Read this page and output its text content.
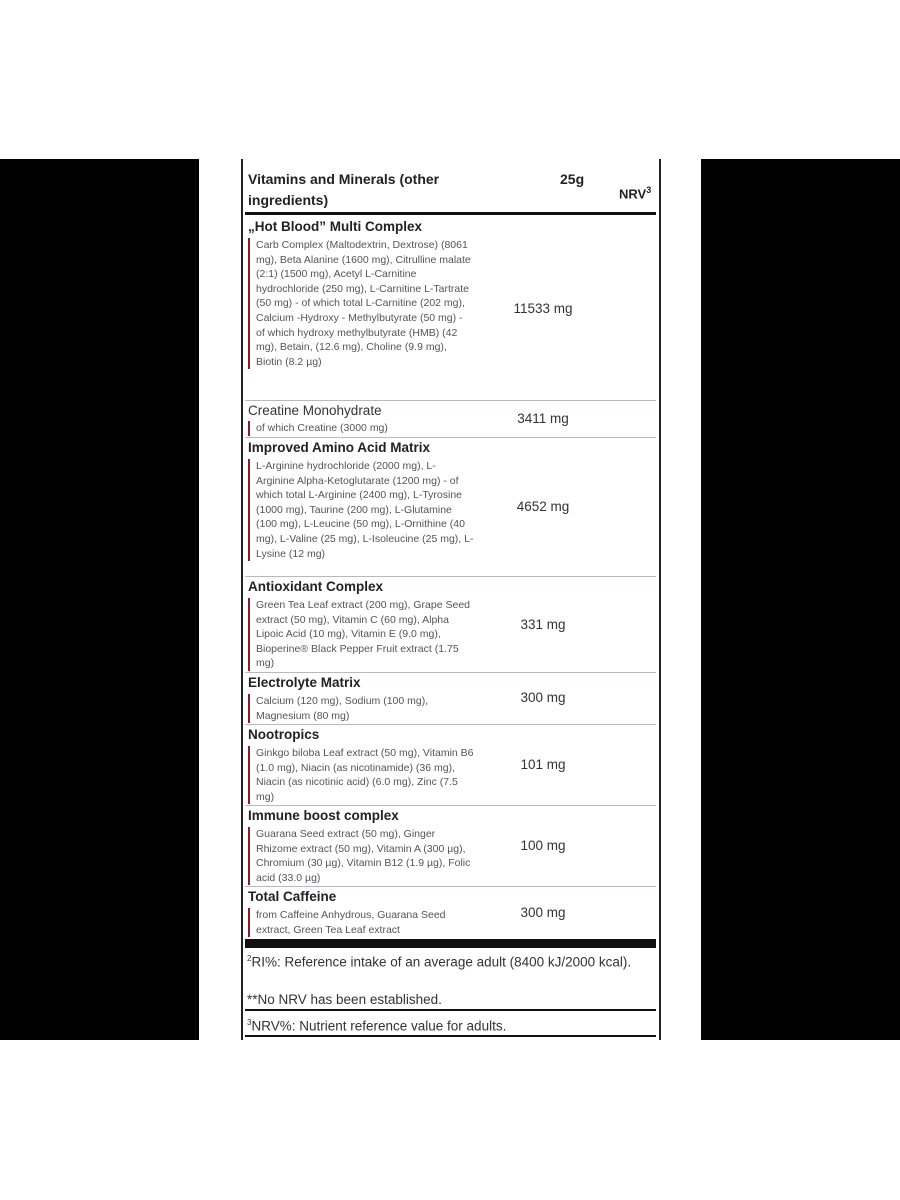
Vitamins and Minerals (other ingredients)
25g
NRV$^3$
„Hot Blood” Multi Complex
Carb Complex (Maltodextrin, Dextrose) (8061 mg), Beta Alanine (1600 mg), Citrulline malate (2:1) (1500 mg), Acetyl L-Carnitine hydrochloride (250 mg), L-Carnitine L-Tartrate (50 mg) - of which total L-Carnitine (202 mg), Calcium -Hydroxy - Methylbutyrate (50 mg) - of which hydroxy methylbutyrate (HMB) (42 mg), Betain, (12.6 mg), Choline (9.9 mg), Biotin (8.2 µg)
11533 mg
Creatine Monohydrate
of which Creatine (3000 mg)
3411 mg
Improved Amino Acid Matrix
L-Arginine hydrochloride (2000 mg), L-Arginine Alpha-Ketoglutarate (1200 mg) - of which total L-Arginine (2400 mg), L-Tyrosine (1000 mg), Taurine (200 mg), L-Glutamine (100 mg), L-Leucine (50 mg), L-Ornithine (40 mg), L-Valine (25 mg), L-Isoleucine (25 mg), L-Lysine (12 mg)
4652 mg
Antioxidant Complex
Green Tea Leaf extract (200 mg), Grape Seed extract (50 mg), Vitamin C (60 mg), Alpha Lipoic Acid (10 mg), Vitamin E (9.0 mg), Bioperine® Black Pepper Fruit extract (1.75 mg)
331 mg
Electrolyte Matrix
Calcium (120 mg), Sodium (100 mg), Magnesium (80 mg)
300 mg
Nootropics
Ginkgo biloba Leaf extract (50 mg), Vitamin B6 (1.0 mg), Niacin (as nicotinamide) (36 mg), Niacin (as nicotinic acid) (6.0 mg), Zinc (7.5 mg)
101 mg
Immune boost complex
Guarana Seed extract (50 mg), Ginger Rhizome extract (50 mg), Vitamin A (300 µg), Chromium (30 µg), Vitamin B12 (1.9 µg), Folic acid (33.0 µg)
100 mg
Total Caffeine
from Caffeine Anhydrous, Guarana Seed extract, Green Tea Leaf extract
300 mg
$^2$RI%: Reference intake of an average adult (8400 kJ/2000 kcal).
**No NRV has been established.
$^3$NRV%: Nutrient reference value for adults.
